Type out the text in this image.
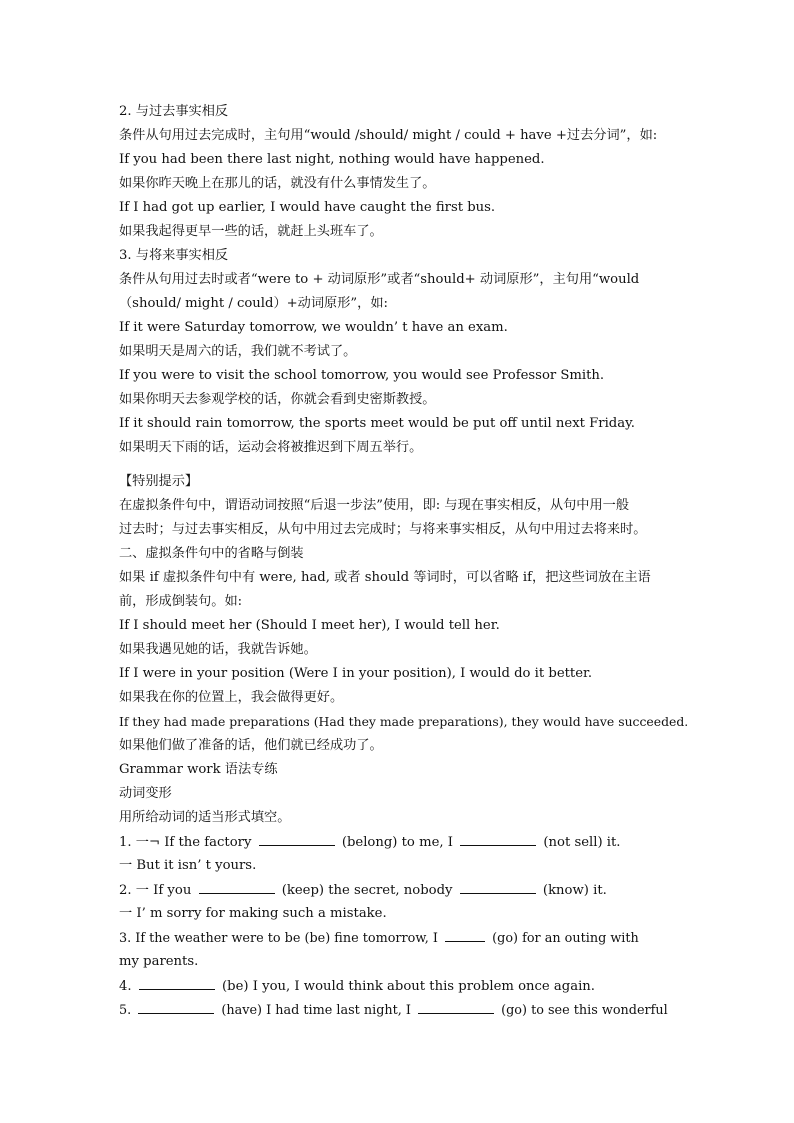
2. 与过去事实相反
条件从句用过去完成时，主句用“would /should/ might / could + have +过去分词”，如:
If you had been there last night, nothing would have happened.
如果你昨天晚上在那儿的话，就没有什么事情发生了。
If I had got up earlier, I would have caught the first bus.
如果我起得更早一些的话，就赶上头班车了。
3. 与将来事实相反
条件从句用过去时或者“were to + 动词原形”或者“should+ 动词原形”，主句用“would
（should/ might / could）+动词原形”，如:
If it were Saturday tomorrow, we wouldn’ t have an exam.
如果明天是周六的话，我们就不考试了。
If you were to visit the school tomorrow, you would see Professor Smith.
如果你明天去参观学校的话，你就会看到史密斯教授。
If it should rain tomorrow, the sports meet would be put off until next Friday.
如果明天下雨的话，运动会将被推迟到下周五举行。
【特别提示】
在虚拟条件句中，谓语动词按照“后退一步法”使用，即: 与现在事实相反，从句中用一般
过去时；与过去事实相反，从句中用过去完成时；与将来事实相反，从句中用过去将来时。
二、虚拟条件句中的省略与倒装
如果 if 虚拟条件句中有 were, had, 或者 should 等词时，可以省略 if，把这些词放在主语
前，形成倒装句。如:
If I should meet her (Should I meet her), I would tell her.
如果我遇见她的话，我就告诉她。
If I were in your position (Were I in your position), I would do it better.
如果我在你的位置上，我会做得更好。
If they had made preparations (Had they made preparations), they would have succeeded.
如果他们做了准备的话，他们就已经成功了。
Grammar work 语法专练
动词变形
用所给动词的适当形式填空。
1. 一¬ If the factory	(belong) to me, I	(not sell) it.
一 But it isn’ t yours.
2. 一 If you	(keep) the secret, nobody	(know) it.
一 I’ m sorry for making such a mistake.
3. If the weather were to be (be) fine tomorrow, I	(go) for an outing with
my parents.
4.	(be) I you, I would think about this problem once again.
5.	(have) I had time last night, I	(go) to see this wonderful
